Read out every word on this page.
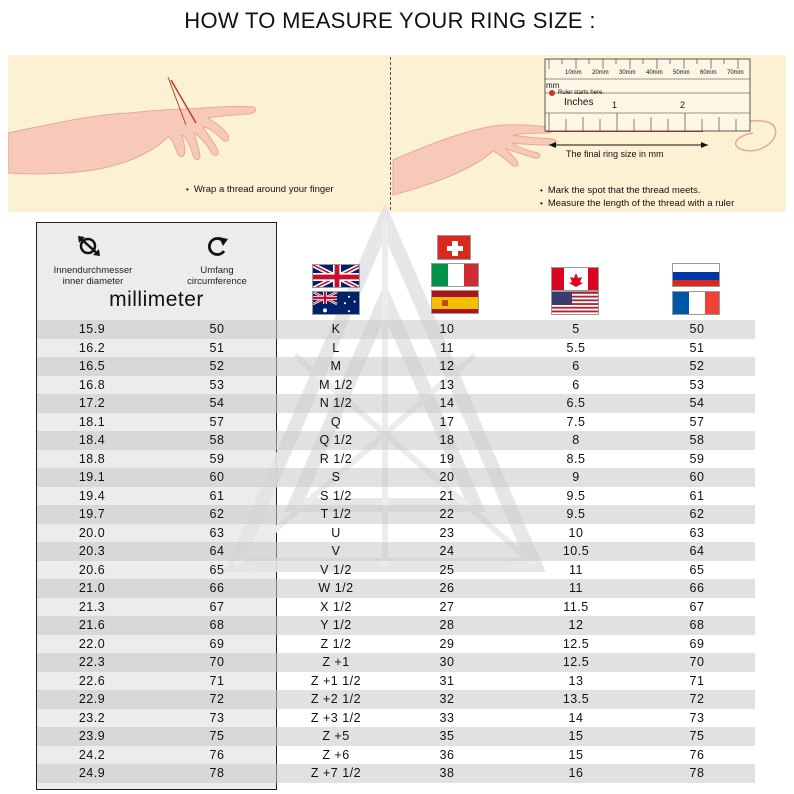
HOW TO MEASURE YOUR RING SIZE :
• Wrap a thread around your finger
•	Mark the spot that the thread meets.
• Measure the length of the thread with a ruler
mm
Ruler starts here.
Inches 1	2
The final ring size in mm
10mm 20mm 30mm 40mm 50mm 60mm 70mm
Innendurchmesser
inner diameter
Umfang
circumference
millimeter
15.9	50	K	10	5	50
16.2	51	L	11	5.5	51
16.5	52	M	12	6	52
16.8	53	M 1/2	13	6	53
17.2	54	N 1/2	14	6.5	54
18.1	57	Q	17	7.5	57
18.4	58	Q 1/2	18	8	58
18.8	59	R 1/2	19	8.5	59
19.1	60	S	20	9	60
19.4	61	S 1/2	21	9.5	61
19.7	62	T 1/2	22	9.5	62
20.0	63	U	23	10	63
20.3	64	V	24	10.5	64
20.6	65	V 1/2	25	11	65
21.0	66	W 1/2	26	11	66
21.3	67	X 1/2	27	11.5	67
21.6	68	Y 1/2	28	12	68
22.0	69	Z 1/2	29	12.5	69
22.3	70	Z +1	30	12.5	70
22.6	71	Z +1 1/2	31	13	71
22.9	72	Z +2 1/2	32	13.5	72
23.2	73	Z +3 1/2	33	14	73
23.9	75	Z +5	35	15	75
24.2	76	Z +6	36	15	76
24.9	78	Z +7 1/2	38	16	78
